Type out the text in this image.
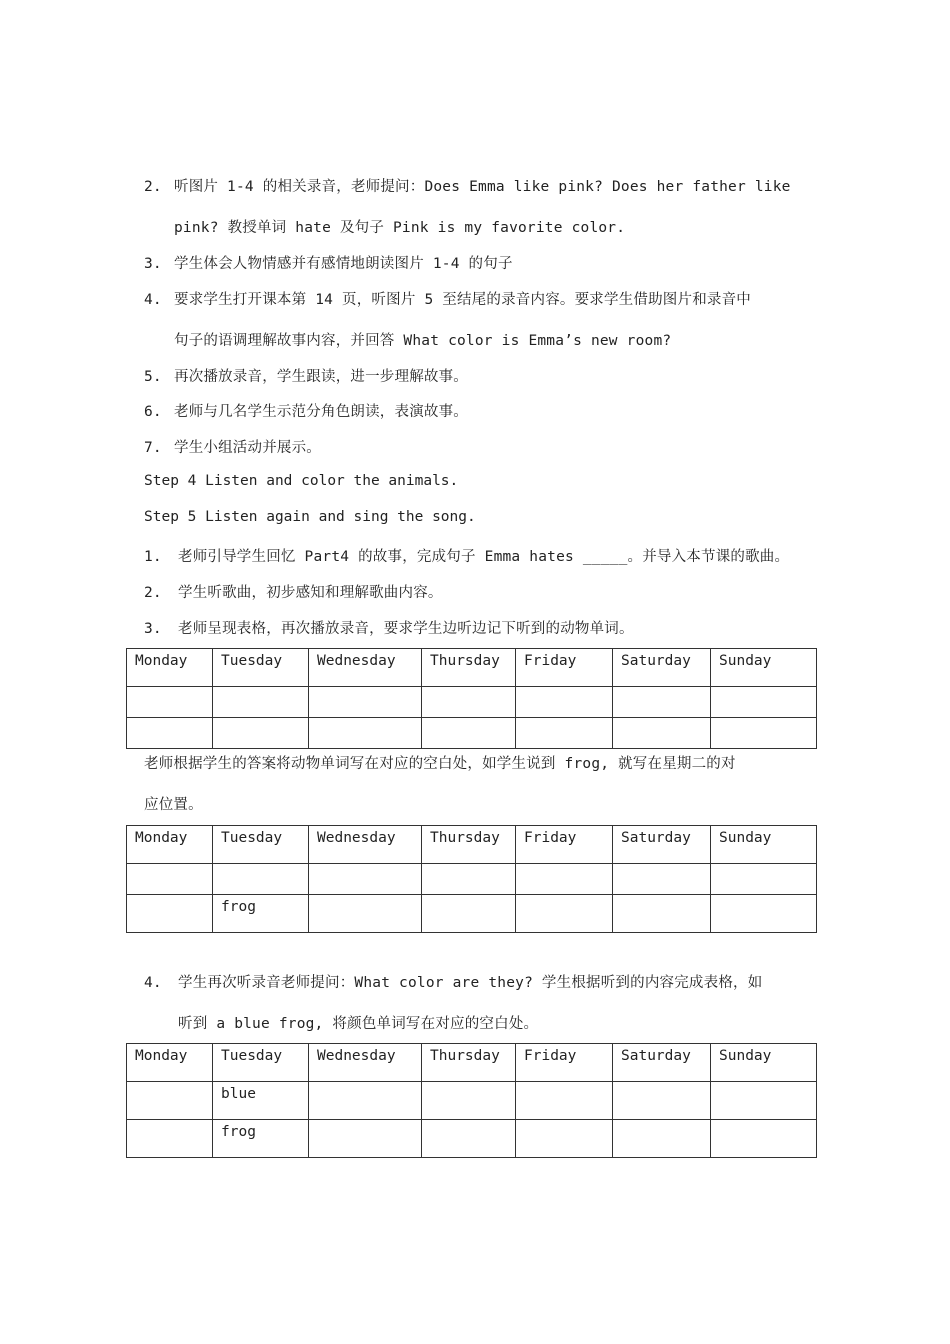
2. 听图片 1-4 的相关录音，老师提问：Does Emma like pink? Does her father like
pink? 教授单词 hate 及句子 Pink is my favorite color.
3. 学生体会人物情感并有感情地朗读图片 1-4 的句子
4. 要求学生打开课本第 14 页，听图片 5 至结尾的录音内容。要求学生借助图片和录音中
句子的语调理解故事内容，并回答 What color is Emma’s new room?
5. 再次播放录音，学生跟读，进一步理解故事。
6. 老师与几名学生示范分角色朗读，表演故事。
7. 学生小组活动并展示。
Step 4 Listen and color the animals.
Step 5 Listen again and sing the song.
1. 老师引导学生回忆 Part4 的故事，完成句子 Emma hates _____。并导入本节课的歌曲。
2. 学生听歌曲，初步感知和理解歌曲内容。
3. 老师呈现表格，再次播放录音，要求学生边听边记下听到的动物单词。
Monday	Tuesday	Wednesday	Thursday	Friday	Saturday	Sunday

老师根据学生的答案将动物单词写在对应的空白处，如学生说到 frog, 就写在星期二的对
应位置。
Monday	Tuesday	Wednesday	Thursday	Friday	Saturday	Sunday

	frog					
4. 学生再次听录音老师提问：What color are they? 学生根据听到的内容完成表格，如
听到 a blue frog, 将颜色单词写在对应的空白处。
Monday	Tuesday	Wednesday	Thursday	Friday	Saturday	Sunday
	blue					
	frog					
